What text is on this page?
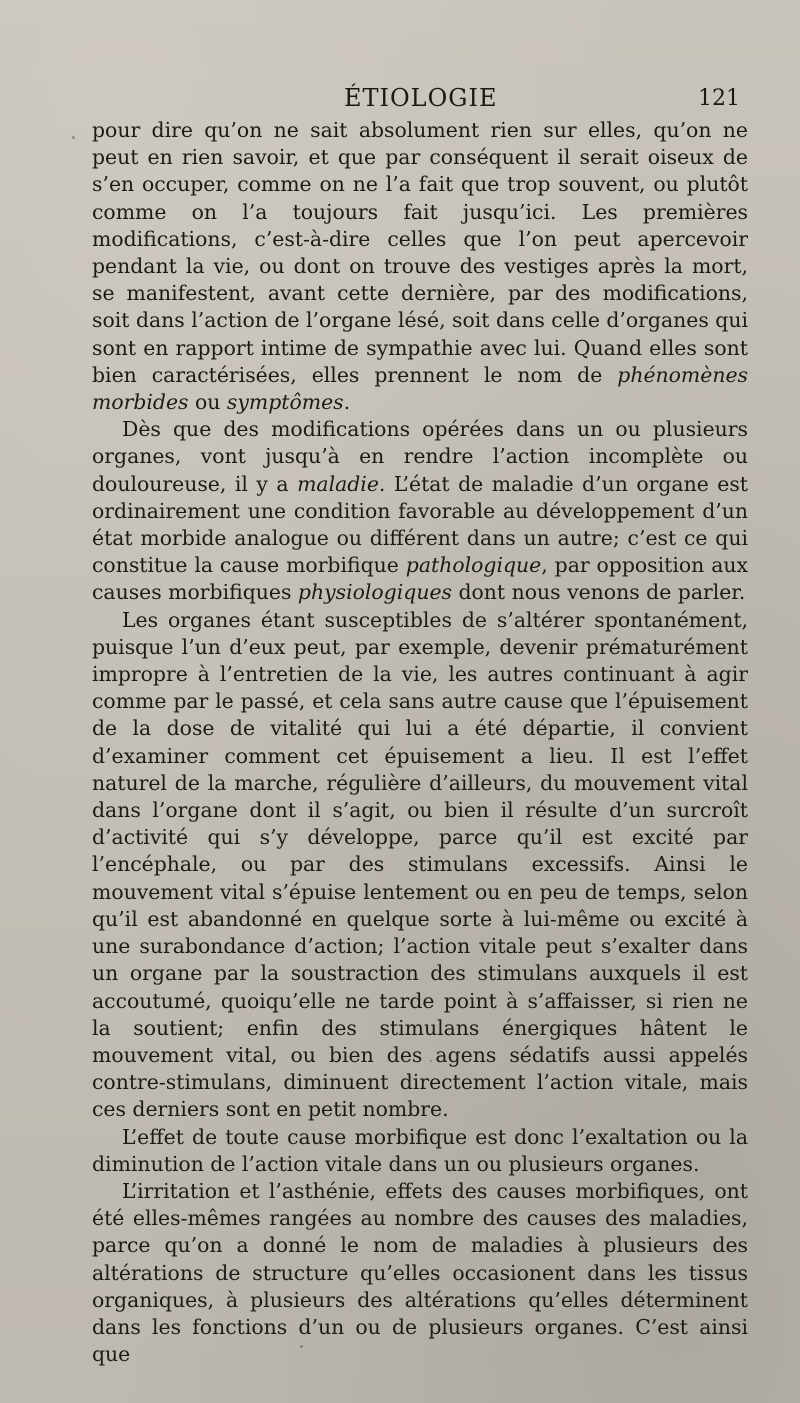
ÉTIOLOGIE	121

pour dire qu’on ne sait absolument rien sur elles, qu’on ne peut en rien savoir, et que par conséquent il serait oiseux de s’en occuper, comme on ne l’a fait que trop souvent, ou plutôt comme on l’a toujours fait jusqu’ici. Les premières modifications, c’est-à-dire celles que l’on peut apercevoir pendant la vie, ou dont on trouve des vestiges après la mort, se manifestent, avant cette dernière, par des modifications, soit dans l’action de l’organe lésé, soit dans celle d’organes qui sont en rapport intime de sympathie avec lui. Quand elles sont bien caractérisées, elles prennent le nom de phénomènes morbides ou symptômes.

Dès que des modifications opérées dans un ou plusieurs organes, vont jusqu’à en rendre l’action incomplète ou douloureuse, il y a maladie. L’état de maladie d’un organe est ordinairement une condition favorable au développement d’un état morbide analogue ou différent dans un autre; c’est ce qui constitue la cause morbifique pathologique, par opposition aux causes morbifiques physiologiques dont nous venons de parler.

Les organes étant susceptibles de s’altérer spontanément, puisque l’un d’eux peut, par exemple, devenir prématurément impropre à l’entretien de la vie, les autres continuant à agir comme par le passé, et cela sans autre cause que l’épuisement de la dose de vitalité qui lui a été départie, il convient d’examiner comment cet épuisement a lieu. Il est l’effet naturel de la marche, régulière d’ailleurs, du mouvement vital dans l’organe dont il s’agit, ou bien il résulte d’un surcroît d’activité qui s’y développe, parce qu’il est excité par l’encéphale, ou par des stimulans excessifs. Ainsi le mouvement vital s’épuise lentement ou en peu de temps, selon qu’il est abandonné en quelque sorte à lui-même ou excité à une surabondance d’action; l’action vitale peut s’exalter dans un organe par la soustraction des stimulans auxquels il est accoutumé, quoiqu’elle ne tarde point à s’affaisser, si rien ne la soutient; enfin des stimulans énergiques hâtent le mouvement vital, ou bien des agens sédatifs aussi appelés contre-stimulans, diminuent directement l’action vitale, mais ces derniers sont en petit nombre.

L’effet de toute cause morbifique est donc l’exaltation ou la diminution de l’action vitale dans un ou plusieurs organes.

L’irritation et l’asthénie, effets des causes morbifiques, ont été elles-mêmes rangées au nombre des causes des maladies, parce qu’on a donné le nom de maladies à plusieurs des altérations de structure qu’elles occasionent dans les tissus organiques, à plusieurs des altérations qu’elles déterminent dans les fonctions d’un ou de plusieurs organes. C’est ainsi que
